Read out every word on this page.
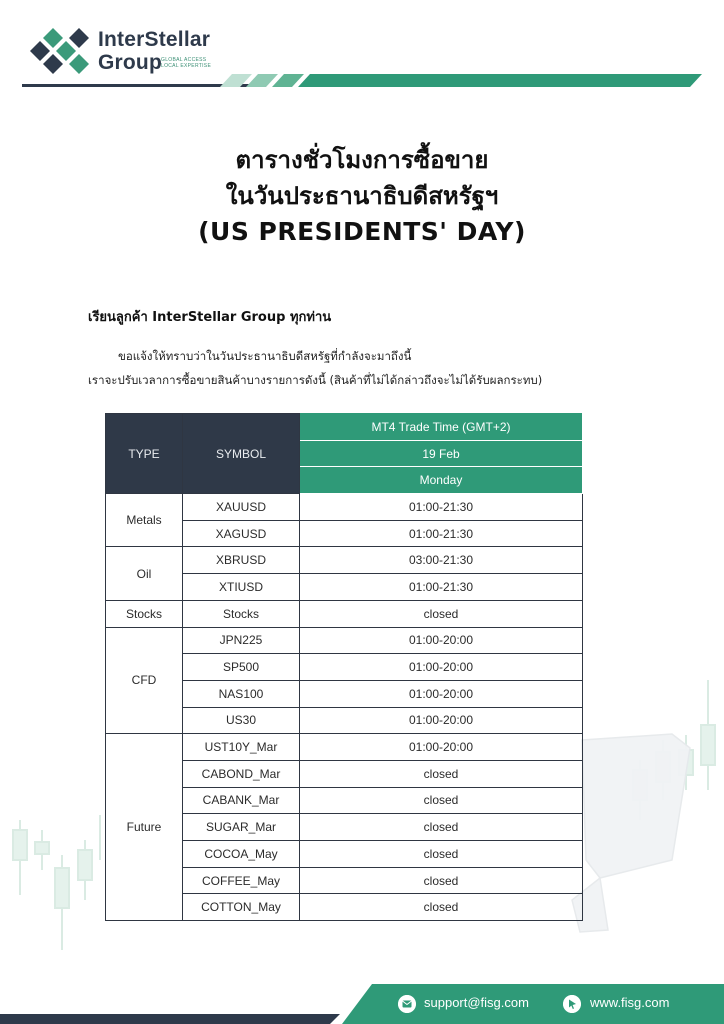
InterStellar
Group GLOBAL ACCESS
LOCAL EXPERTISE
ตารางชั่วโมงการซื้อขาย
ในวันประธานาธิบดีสหรัฐฯ
(US PRESIDENTS' DAY)
เรียนลูกค้า InterStellar Group ทุกท่าน
ขอแจ้งให้ทราบว่าในวันประธานาธิบดีสหรัฐที่กำลังจะมาถึงนี้
เราจะปรับเวลาการซื้อขายสินค้าบางรายการดังนี้ (สินค้าที่ไม่ได้กล่าวถึงจะไม่ได้รับผลกระทบ)
TYPE	SYMBOL	MT4 Trade Time (GMT+2)
		19 Feb
		Monday
Metals	XAUUSD	01:00-21:30
	XAGUSD	01:00-21:30
Oil	XBRUSD	03:00-21:30
	XTIUSD	01:00-21:30
Stocks	Stocks	closed
CFD	JPN225	01:00-20:00
	SP500	01:00-20:00
	NAS100	01:00-20:00
	US30	01:00-20:00
Future	UST10Y_Mar	01:00-20:00
	CABOND_Mar	closed
	CABANK_Mar	closed
	SUGAR_Mar	closed
	COCOA_May	closed
	COFFEE_May	closed
	COTTON_May	closed
support@fisg.com	www.fisg.com
